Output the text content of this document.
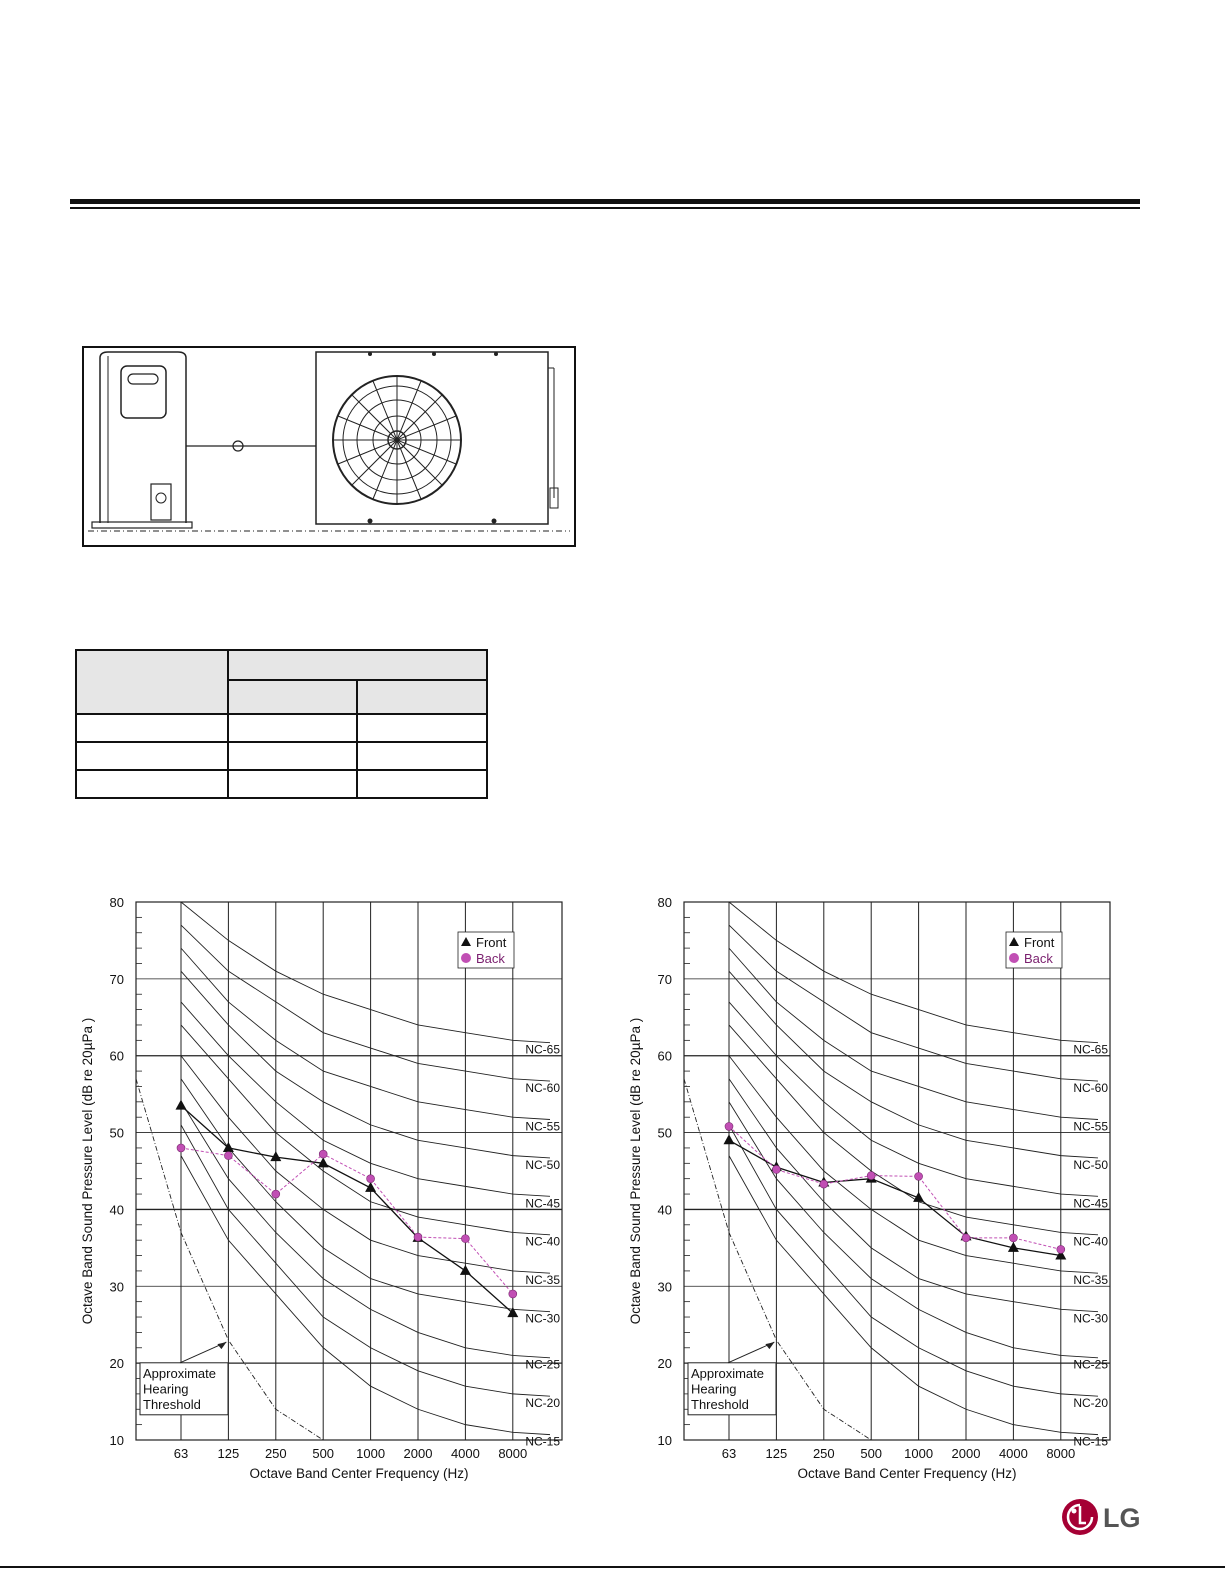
63 125 250 500 1000 2000 4000 8000
10
20
30
40
50
60
70
80
Octave Band Center Frequency (Hz)
Octave Band Sound Pressure Level (dB re 20µPa )	NC-65
NC-60
NC-55
NC-50
NC-45
NC-40
NC-35
NC-30
NC-25
NC-20
NC-15
Approximate
Hearing
Threshold
Front
Back
63 125 250 500 1000 2000 4000 8000
10
20
30
40
50
60
70
80
Octave Band Center Frequency (Hz)
Octave Band Sound Pressure Level (dB re 20µPa )	NC-65
NC-60
NC-55
NC-50
NC-45
NC-40
NC-35
NC-30
NC-25
NC-20
NC-15
Approximate
Hearing
Threshold
Front
Back
LG
